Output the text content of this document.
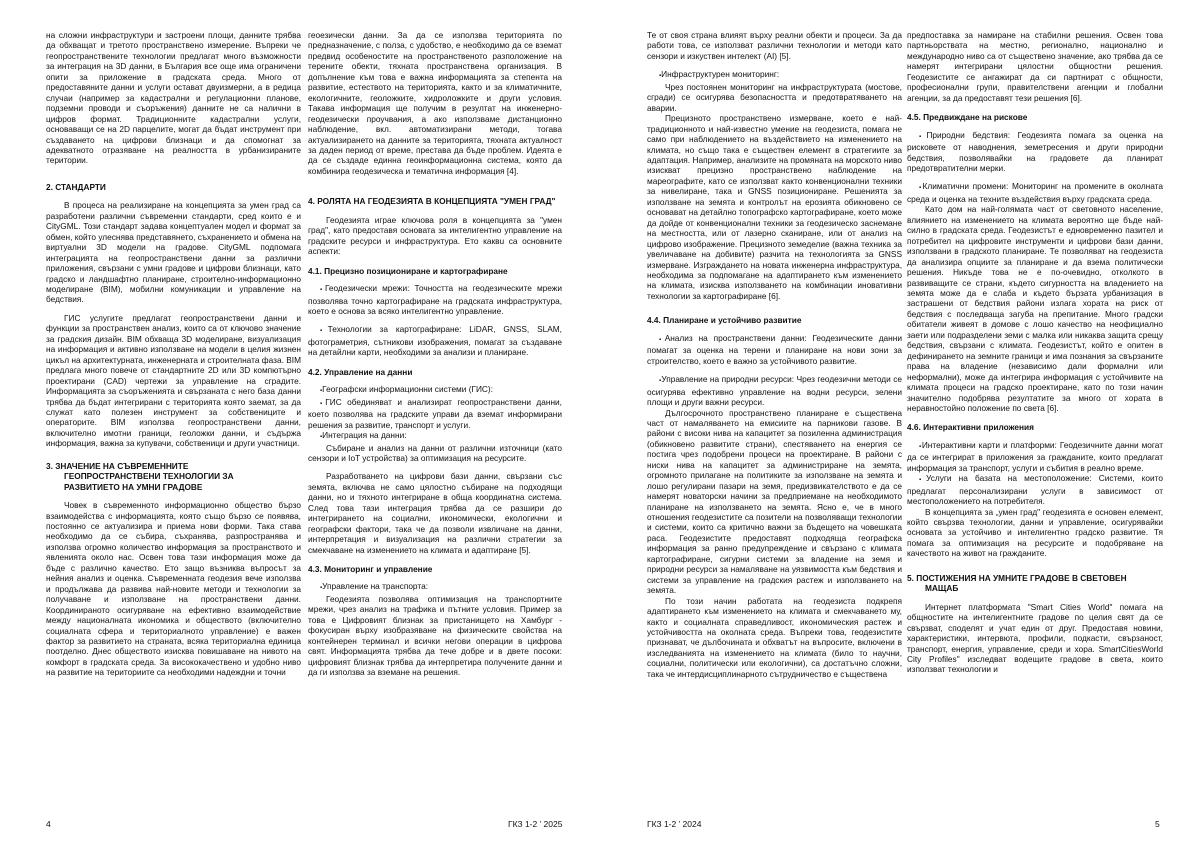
на сложни инфраструктури и застроени площи, данните трябва да обхващат и третото пространствено измерение. Въпреки че геопространствените технологии предлагат много възможности за интеграция на 3D данни, в България все още има ограничени опити за приложение в градската среда. Много от предоставяните данни и услуги остават двуизмерни, а в редица случаи (например за кадастрални и регулационни планове, подземни проводи и съоръжения) данните не са налични в цифров формат. Традиционните кадастрални услуги, основаващи се на 2D парцелите, могат да бъдат инструмент при създаването на цифрови близнаци и да спомогнат за адекватното отразяване на реалността в урбанизираните територии.

2. СТАНДАРТИ

В процеса на реализиране на концепцията за умен град са разработени различни съвременни стандарти, сред които е и CityGML. Този стандарт задава концептуален модел и формат за обмен, който улеснява представянето, съхранението и обмена на виртуални 3D модели на градове. CityGML подпомага интеграцията на геопространствени данни за различни приложения, свързани с умни градове и цифрови близнаци, като градско и ландшафтно планиране, строително-информационно моделиране (BIM), мобилни комуникации и управление на бедствия.

ГИС услугите предлагат геопространствени данни и функции за пространствен анализ, които са от ключово значение за градския дизайн. BIM обхваща 3D моделиране, визуализация на информация и активно използване на модели в целия жизнен цикъл на архитектурната, инженерната и строителната фаза. BIM предлага много повече от стандартните 2D или 3D компютърно проектирани (CAD) чертежи за управление на сградите. Информацията за съоръженията и свързаната с него база данни трябва да бъдат интегрирани с територията която заемат, за да служат като полезен инструмент за собствениците и операторите. BIM използва геопространствени данни, включително имотни граници, геоложки данни, и съдържа информация, важна за купувачи, собственици и други участници.

3. ЗНАЧЕНИЕ НА СЪВРЕМЕННИТЕ
ГЕОПРОСТРАНСТВЕНИ ТЕХНОЛОГИИ ЗА
РАЗВИТИЕТО НА УМНИ ГРАДОВЕ

Човек в съвременното информационно общество бързо взаимодейства с информацията, която също бързо се появява, постоянно се актуализира и приема нови форми. Така става необходимо да се събира, съхранява, разпространява и използва огромно количество информация за пространството и явленията около нас. Освен това тази информация може да бъде с различно качество. Ето защо възниква въпросът за нейния анализ и оценка. Съвременната геодезия вече използва и продължава да развива най-новите методи и технологии за получаване и използване на пространствени данни. Координираното осигуряване на ефективно взаимодействие между националната икономика и обществото (включително социалната сфера и териториалното управление) е важен фактор за развитието на страната, всяка териториална единица поотделно. Днес обществото изисква повишаване на нивото на комфорт в градската среда. За висококачествено и удобно ниво на развитие на териториите са необходими надеждни и точни

геоезически данни. За да се използва територията по предназначение, с полза, с удобство, е необходимо да се вземат предвид особеностите на пространственото разположение на терените обекти, тяхната пространствена организация. В допълнение към това е важна информацията за степента на развитие, естеството на територията, както и за климатичните, екологичните, геоложките, хидроложките и други условия. Такава информация ще получим в резултат на инженерно-геодезически проучвания, а ако използваме дистанционно наблюдение, вкл. автоматизирани методи, тогава актуализирането на данните за територията, тяхната актуалност за даден период от време, престава да бъде проблем. Идеята е да се създаде единна геоинформационна система, която да комбинира геодезическа и тематична информация [4].

4. РОЛЯТА НА ГЕОДЕЗИЯТА В КОНЦЕПЦИЯТА "УМЕН ГРАД"

Геодезията играе ключова роля в концепцията за "умен град", като предоставя основата за интелигентно управление на градските ресурси и инфраструктура. Ето каквu са основните аспекти:

4.1. Прецизно позициониране и картографиране

▪ Геодезически мрежи: Точността на геодезическите мрежи позволява точно картографиране на градската инфраструктура, което е основа за всяко интелигентно управление.

▪ Технологии за картографиране: LiDAR, GNSS, SLAM, фотограметрия, сътникови изображения, помагат за създаване на детайлни карти, необходими за анализи и планиране.

4.2. Управление на данни

▪ Географски информационни системи (ГИС):

▪ ГИС обединяват и анализират геопространствени данни, което позволява на градските управи да вземат информирани решения за развитие, транспорт и услуги.

▪ Интеграция на данни:

Събиране и анализ на данни от различни източници (като сензори и IoT устройства) за оптимизация на ресурсите.

Разработването на цифрови бази данни, свързани със земята, включва не само цялостно събиране на подходящи данни, но и тяхното интегриране в обща координатна система. След това тази интеграция трябва да се разшири до интегрирането на социални, икономически, екологични и географски фактори, така че да позволи извличане на данни, интерпретация и визуализация на различни стратегии за смекчаване на изменението на климата и адаптиране [5].

4.3. Мониторинг и управление

▪ Управление на транспорта:

Геодезията позволява оптимизация на транспортните мрежи, чрез анализ на трафика и пътните условия. Пример за това е Цифровият близнак за пристанището на Хамбург - фокусиран върху изобразяване на физическите свойства на контейнерен терминал и всички негови операции в цифрова свят. Информацията трябва да тече добре и в двете посоки: цифровият близнак трябва да интерпретира получените данни и да ги използва за вземане на решения.

4	ГКЗ 1-2 ’ 2025

Те от своя страна влияят върху реални обекти и процеси. За да работи това, се използват различни технологии и методи като сензори и изкуствен интелект (AI) [5].

▪ Инфраструктурен мониторинг:

Чрез постоянен мониторинг на инфраструктурата (мостове, сгради) се осигурява безопасността и предотвратяването на аварии.

Прецизното пространствено измерване, което е най-традиционното и най-известно умение на геодезиста, помага не само при наблюдението на въздействието на изменението на климата, но също така е съществен елемент в стратегиите за адаптация. Например, анализите на промяната на морското ниво изискват прецизно пространствено наблюдение на мареографите, като се използват както конвенционални техники за нивелиране, така и GNSS позициониране. Решенията за използване на земята и контролът на ерозията обикновено се основават на детайлно топографско картографиране, което може да дойде от конвенционални техники за геодезическо заснемане на местността, или от лазерно сканиране, или от анализ на цифрово изображение. Прецизното земеделие (важна техника за увеличаване на добивите) разчита на технологията за GNSS измерване. Изграждането на новата инженерна инфраструктура, необходима за подпомагане на адаптирането към изменението на климата, изисква използването на комбинации иновативни технологии за картографиране [6].

4.4. Планиране и устойчиво развитие

▪ Анализ на пространствени данни: Геодезическите данни помагат за оценка на терени и планиране на нови зони за строителство, което е важно за устойчивото развитие.

▪ Управление на природни ресурси: Чрез геодезични методи се осигурява ефективно управление на водни ресурси, зелени площи и други важни ресурси.

Дългосрочното пространствено планиране е съществена част от намаляването на емисиите на парникови газове. В райони с високи нива на капацитет за позиленна администрация (обикновено развитите страни), спестяването на енергия се постига чрез подобрени процеси на проектиране. В райони с ниски нива на капацитет за администриране на земята, огромното прилагане на политиките за използване на земята и лошо регулирани пазари на земя, предизвикателството е да се намерят новаторски начини за предприемане на необходимото планиране на използването на земята. Ясно е, че в много отношения геодезистите са позители на позволяващи технологии и системи, които са критично важни за бъдещето на човешката раса. Геодезистите предоставят подходяща географска информация за ранно предупреждение и свързано с климата картографиране, сигурни системи за владение на земя и природни ресурси за намаляване на уязвимостта към бедствия и системи за управление на градския растеж и използването на земята.

По този начин работата на геодезиста подкрепя адаптирането към изменението на климата и смекчаването му, както и социалната справедливост, икономическия растеж и устойчивостта на околната среда. Въпреки това, геодезистите признават, че дълбочината и обхватът на въпросите, включени в изследванията на изменението на климата (било то научни, социални, политически или екологични), са достатъчно сложни, така че интердисциплинарното сътрудничество е съществена

предпоставка за намиране на стабилни решения. Освен това партньорствата на местно, регионално, национално и международно ниво са от съществено значение, ако трябва да се намерят интегрирани цялостни общностни решения. Геодезистите се ангажират да си партнират с общности, професионални групи, правителствени агенции и глобални агенции, за да предоставят тези решения [6].

4.5. Предвиждане на рискове

▪ Природни бедствия: Геодезията помага за оценка на рисковете от наводнения, земетресения и други природни бедствия, позволявайки на градовете да планират предотвратителни мерки.

▪ Климатични промени: Мониторинг на промените в околната среда и оценка на техните въздействия върху градската среда.

Като дом на най-голямата част от световното население, влиянието на изменението на климата вероятно ще бъде най-силно в градската среда. Геодезистът е едновременно пазител и потребител на цифровите инструменти и цифрови бази данни, използвани в градското планиране. Те позволяват на геодезиста да анализира опциите за планиране и да взема политически решения. Никъде това не е по-очевидно, отколкото в развиващите се страни, където сигурността на владението на земята може да е слаба и където бързата урбанизация в застрашени от бедствия райони излага хората на риск от бедствия с последваща загуба на препитание. Много градски обитатели живеят в домове с лошо качество на неофициално заети или подразделени земи с малка или никаква защита срещу бедствия, свързани с климата. Геодезистът, който е опитен в дефинирането на земните граници и има познания за свързаните права на владение (независимо дали формални или неформални), може да интегрира информация с устойчивите на климата процеси на градско проектиране, като по този начин значително подобрява резултатите за много от хората в неравностойно положение по света [6].

4.6. Интерактивни приложения

▪ Интерактивни карти и платформи: Геодезичните данни могат да се интегрират в приложения за гражданите, които предлагат информация за транспорт, услуги и събития в реално време.

▪ Услуги на базата на местоположение: Системи, които предлагат персонализирани услуги в зависимост от местоположението на потребителя.

В концепцията за „умен град" геодезията е основен елемент, който свързва технологии, данни и управление, осигурявайки основата за устойчиво и интелигентно градско развитие. Тя помага за оптимизация на ресурсите и подобряване на качеството на живот на гражданите.

5. ПОСТИЖЕНИЯ НА УМНИТЕ ГРАДОВЕ В СВЕТОВЕН
МАЩАБ

Интернет платформата "Smart Cities World" помага на общностите на интелигентните градове по целия свят да се свързват, споделят и учат един от друг. Предоставя новини, характеристики, интервюта, профили, подкасти, свързаност, транспорт, енергия, управление, среди и хора. SmartCitiesWorld City Profiles" изследват водещите градове в света, които използват технологии и

ГКЗ 1-2 ’ 2024	5
